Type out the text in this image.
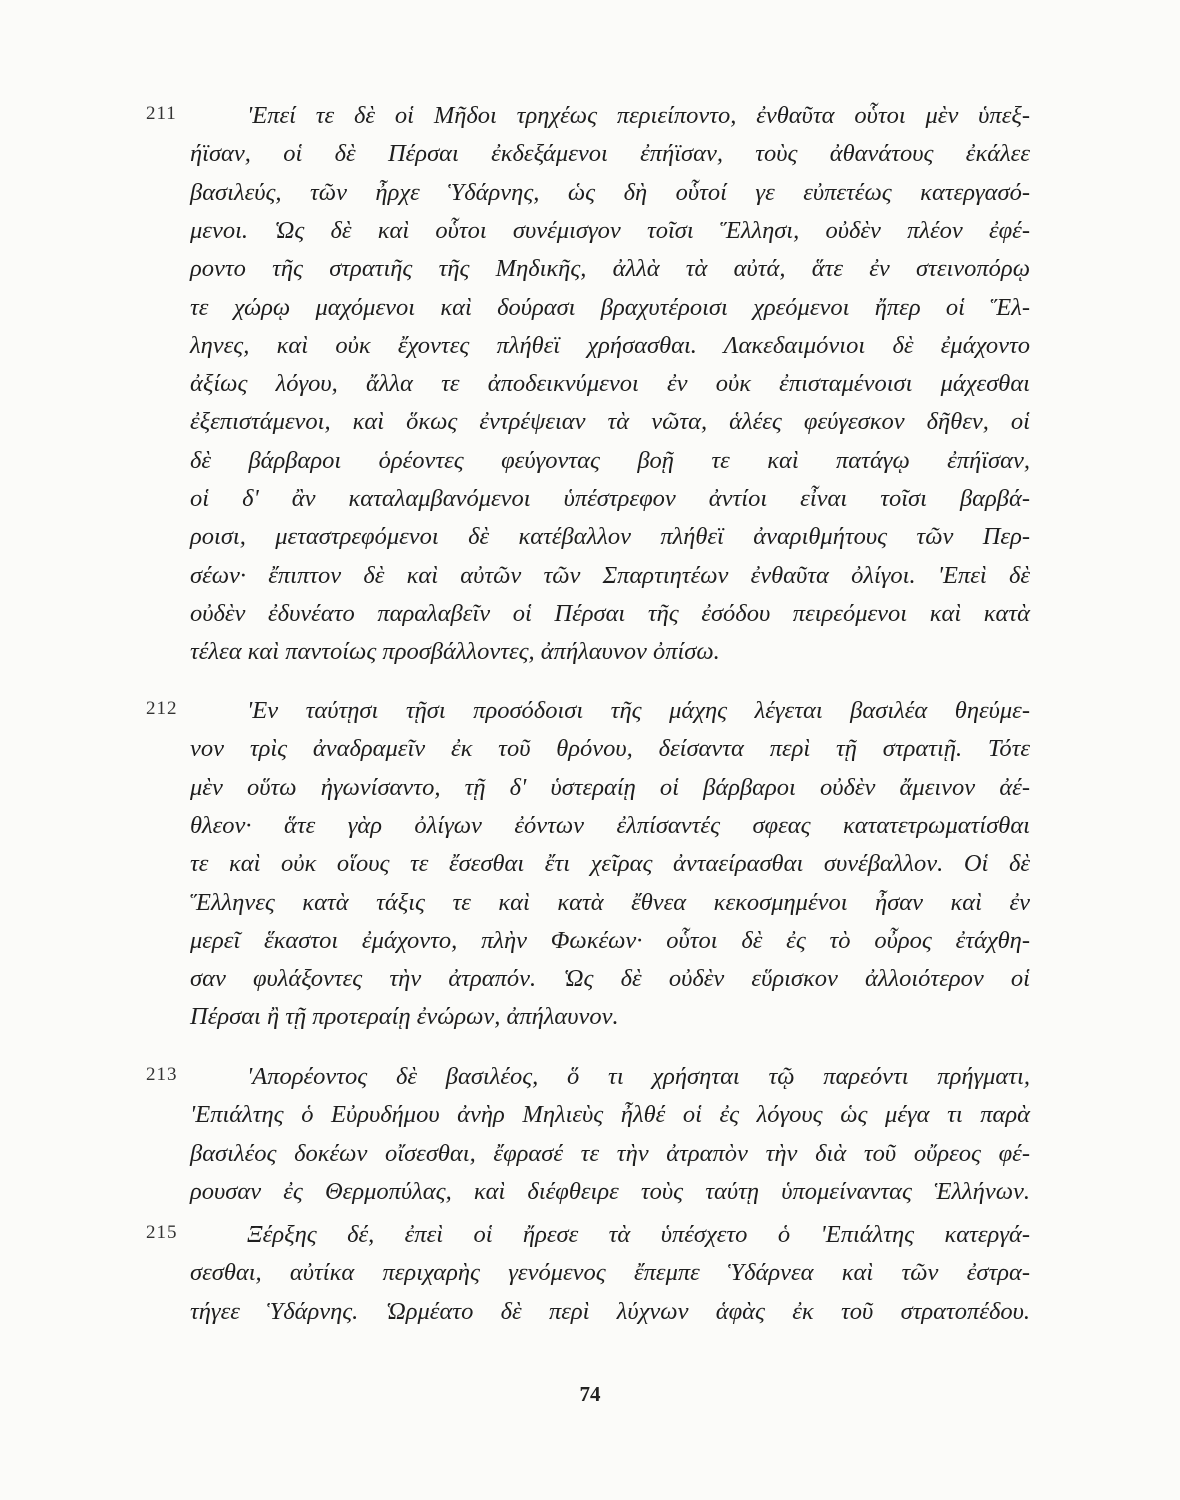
211	'Επεί τε δὲ οἱ Μῆδοι τρηχέως περιείποντο, ἐνθαῦτα οὗτοι μὲν ὑπεξ-
ήϊσαν, οἱ δὲ Πέρσαι ἐκδεξάμενοι ἐπήϊσαν, τοὺς ἀθανάτους ἐκάλεε
βασιλεύς, τῶν ἦρχε Ὑδάρνης, ὡς δὴ οὗτοί γε εὐπετέως κατεργασό-
μενοι. Ὡς δὲ καὶ οὗτοι συνέμισγον τοῖσι Ἕλλησι, οὐδὲν πλέον ἐφέ-
ροντο τῆς στρατιῆς τῆς Μηδικῆς, ἀλλὰ τὰ αὐτά, ἅτε ἐν στεινοπόρῳ
τε χώρῳ μαχόμενοι καὶ δούρασι βραχυτέροισι χρεόμενοι ἤπερ οἱ Ἕλ-
ληνες, καὶ οὐκ ἔχοντες πλήθεϊ χρήσασθαι. Λακεδαιμόνιοι δὲ ἐμάχοντο
ἀξίως λόγου, ἄλλα τε ἀποδεικνύμενοι ἐν οὐκ ἐπισταμένοισι μάχεσθαι
ἐξεπιστάμενοι, καὶ ὅκως ἐντρέψειαν τὰ νῶτα, ἁλέες φεύγεσκον δῆθεν, οἱ
δὲ βάρβαροι ὁρέοντες φεύγοντας βοῇ τε καὶ πατάγῳ ἐπήϊσαν,
οἱ δ' ἂν καταλαμβανόμενοι ὑπέστρεφον ἀντίοι εἶναι τοῖσι βαρβά-
ροισι, μεταστρεφόμενοι δὲ κατέβαλλον πλήθεϊ ἀναριθμήτους τῶν Περ-
σέων· ἔπιπτον δὲ καὶ αὐτῶν τῶν Σπαρτιητέων ἐνθαῦτα ὀλίγοι. 'Επεὶ δὲ
οὐδὲν ἐδυνέατο παραλαβεῖν οἱ Πέρσαι τῆς ἐσόδου πειρεόμενοι καὶ κατὰ
τέλεα καὶ παντοίως προσβάλλοντες, ἀπήλαυνον ὀπίσω.
212	'Εν ταύτῃσι τῇσι προσόδοισι τῆς μάχης λέγεται βασιλέα θηεύμε-
νον τρὶς ἀναδραμεῖν ἐκ τοῦ θρόνου, δείσαντα περὶ τῇ στρατιῇ. Τότε
μὲν οὕτω ἠγωνίσαντο, τῇ δ' ὑστεραίῃ οἱ βάρβαροι οὐδὲν ἄμεινον ἀέ-
θλεον· ἅτε γὰρ ὀλίγων ἐόντων ἐλπίσαντές σφεας κατατετρωματίσθαι
τε καὶ οὐκ οἵους τε ἔσεσθαι ἔτι χεῖρας ἀνταείρασθαι συνέβαλλον. Οἱ δὲ
Ἕλληνες κατὰ τάξις τε καὶ κατὰ ἔθνεα κεκοσμημένοι ἦσαν καὶ ἐν
μερεῖ ἕκαστοι ἐμάχοντο, πλὴν Φωκέων· οὗτοι δὲ ἐς τὸ οὖρος ἐτάχθη-
σαν φυλάξοντες τὴν ἀτραπόν. Ὡς δὲ οὐδὲν εὕρισκον ἀλλοιότερον οἱ
Πέρσαι ἢ τῇ προτεραίῃ ἐνώρων, ἀπήλαυνον.
213	'Απορέοντος δὲ βασιλέος, ὅ τι χρήσηται τῷ παρεόντι πρήγματι,
'Επιάλτης ὁ Εὐρυδήμου ἀνὴρ Μηλιεὺς ἦλθέ οἱ ἐς λόγους ὡς μέγα τι παρὰ
βασιλέος δοκέων οἴσεσθαι, ἔφρασέ τε τὴν ἀτραπὸν τὴν διὰ τοῦ οὔρεος φέ-
ρουσαν ἐς Θερμοπύλας, καὶ διέφθειρε τοὺς ταύτῃ ὑπομείναντας Ἑλλήνων.
215	Ξέρξης δέ, ἐπεὶ οἱ ἤρεσε τὰ ὑπέσχετο ὁ 'Επιάλτης κατεργά-
σεσθαι, αὐτίκα περιχαρὴς γενόμενος ἔπεμπε Ὑδάρνεα καὶ τῶν ἐστρα-
τήγεε Ὑδάρνης. Ὡρμέατο δὲ περὶ λύχνων ἁφὰς ἐκ τοῦ στρατοπέδου.
74
